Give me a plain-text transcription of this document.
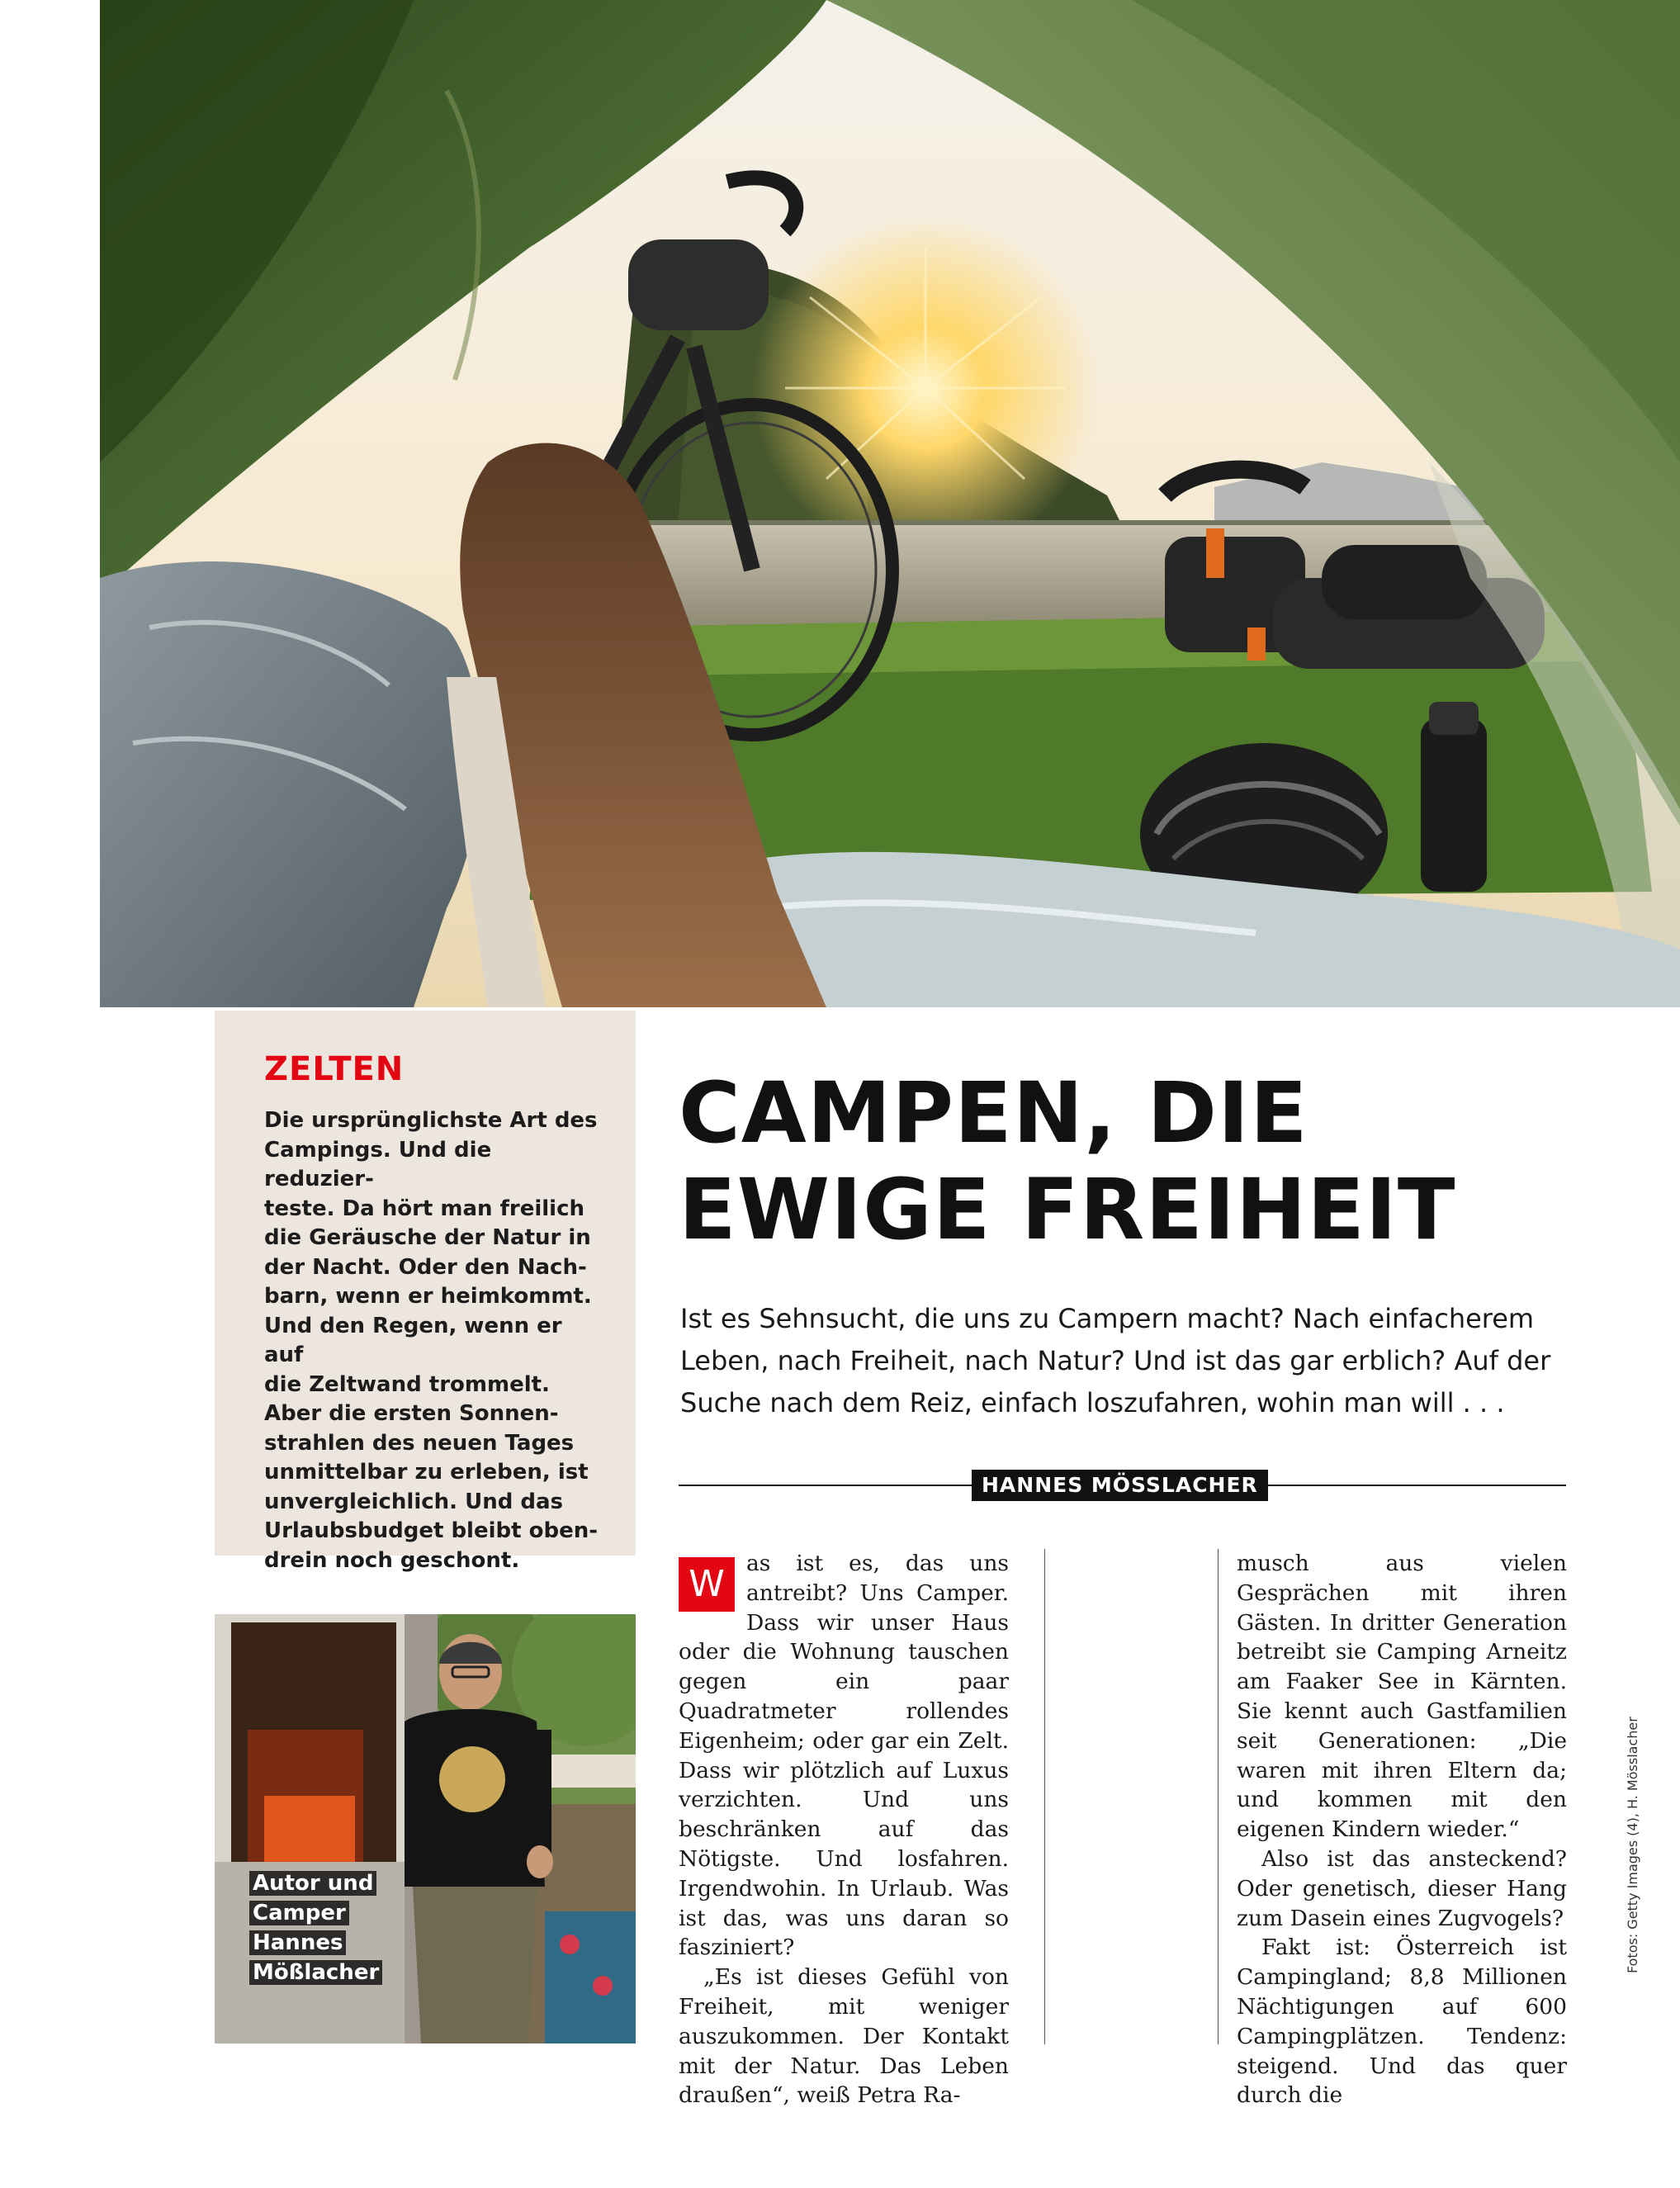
ZELTEN

Die ursprünglichste Art des
Campings. Und die reduzier-
teste. Da hört man freilich
die Geräusche der Natur in
der Nacht. Oder den Nach-
barn, wenn er heimkommt.
Und den Regen, wenn er auf
die Zeltwand trommelt.
Aber die ersten Sonnen-
strahlen des neuen Tages
unmittelbar zu erleben, ist
unvergleichlich. Und das
Urlaubsbudget bleibt oben-
drein noch geschont.

Autor und
Camper
Hannes
Mößlacher
CAMPEN, DIE
EWIGE FREIHEIT

Ist es Sehnsucht, die uns zu Campern macht? Nach einfacherem
Leben, nach Freiheit, nach Natur? Und ist das gar erblich? Auf der
Suche nach dem Reiz, einfach loszufahren, wohin man will . . .

HANNES MÖSSLACHER

W as ist es, das uns antreibt? Uns Camper. Dass wir unser Haus oder die Wohnung tauschen gegen ein paar Quadratmeter rollendes Eigenheim; oder gar ein Zelt. Dass wir plötzlich auf Luxus verzichten. Und uns beschränken auf das Nötigste. Und losfahren. Irgendwohin. In Urlaub. Was ist das, was uns daran so fasziniert?

„Es ist dieses Gefühl von Freiheit, mit weniger auszukommen. Der Kontakt mit der Natur. Das Leben draußen“, weiß Petra Ra-

musch aus vielen Gesprächen mit ihren Gästen. In dritter Generation betreibt sie Camping Arneitz am Faaker See in Kärnten. Sie kennt auch Gastfamilien seit Generationen: „Die waren mit ihren Eltern da; und kommen mit den eigenen Kindern wieder.“

Also ist das ansteckend? Oder genetisch, dieser Hang zum Dasein eines Zugvogels?

Fakt ist: Österreich ist Campingland; 8,8 Millionen Nächtigungen auf 600 Campingplätzen. Tendenz: steigend. Und das quer durch die

Fotos: Getty Images (4), H. Mösslacher
